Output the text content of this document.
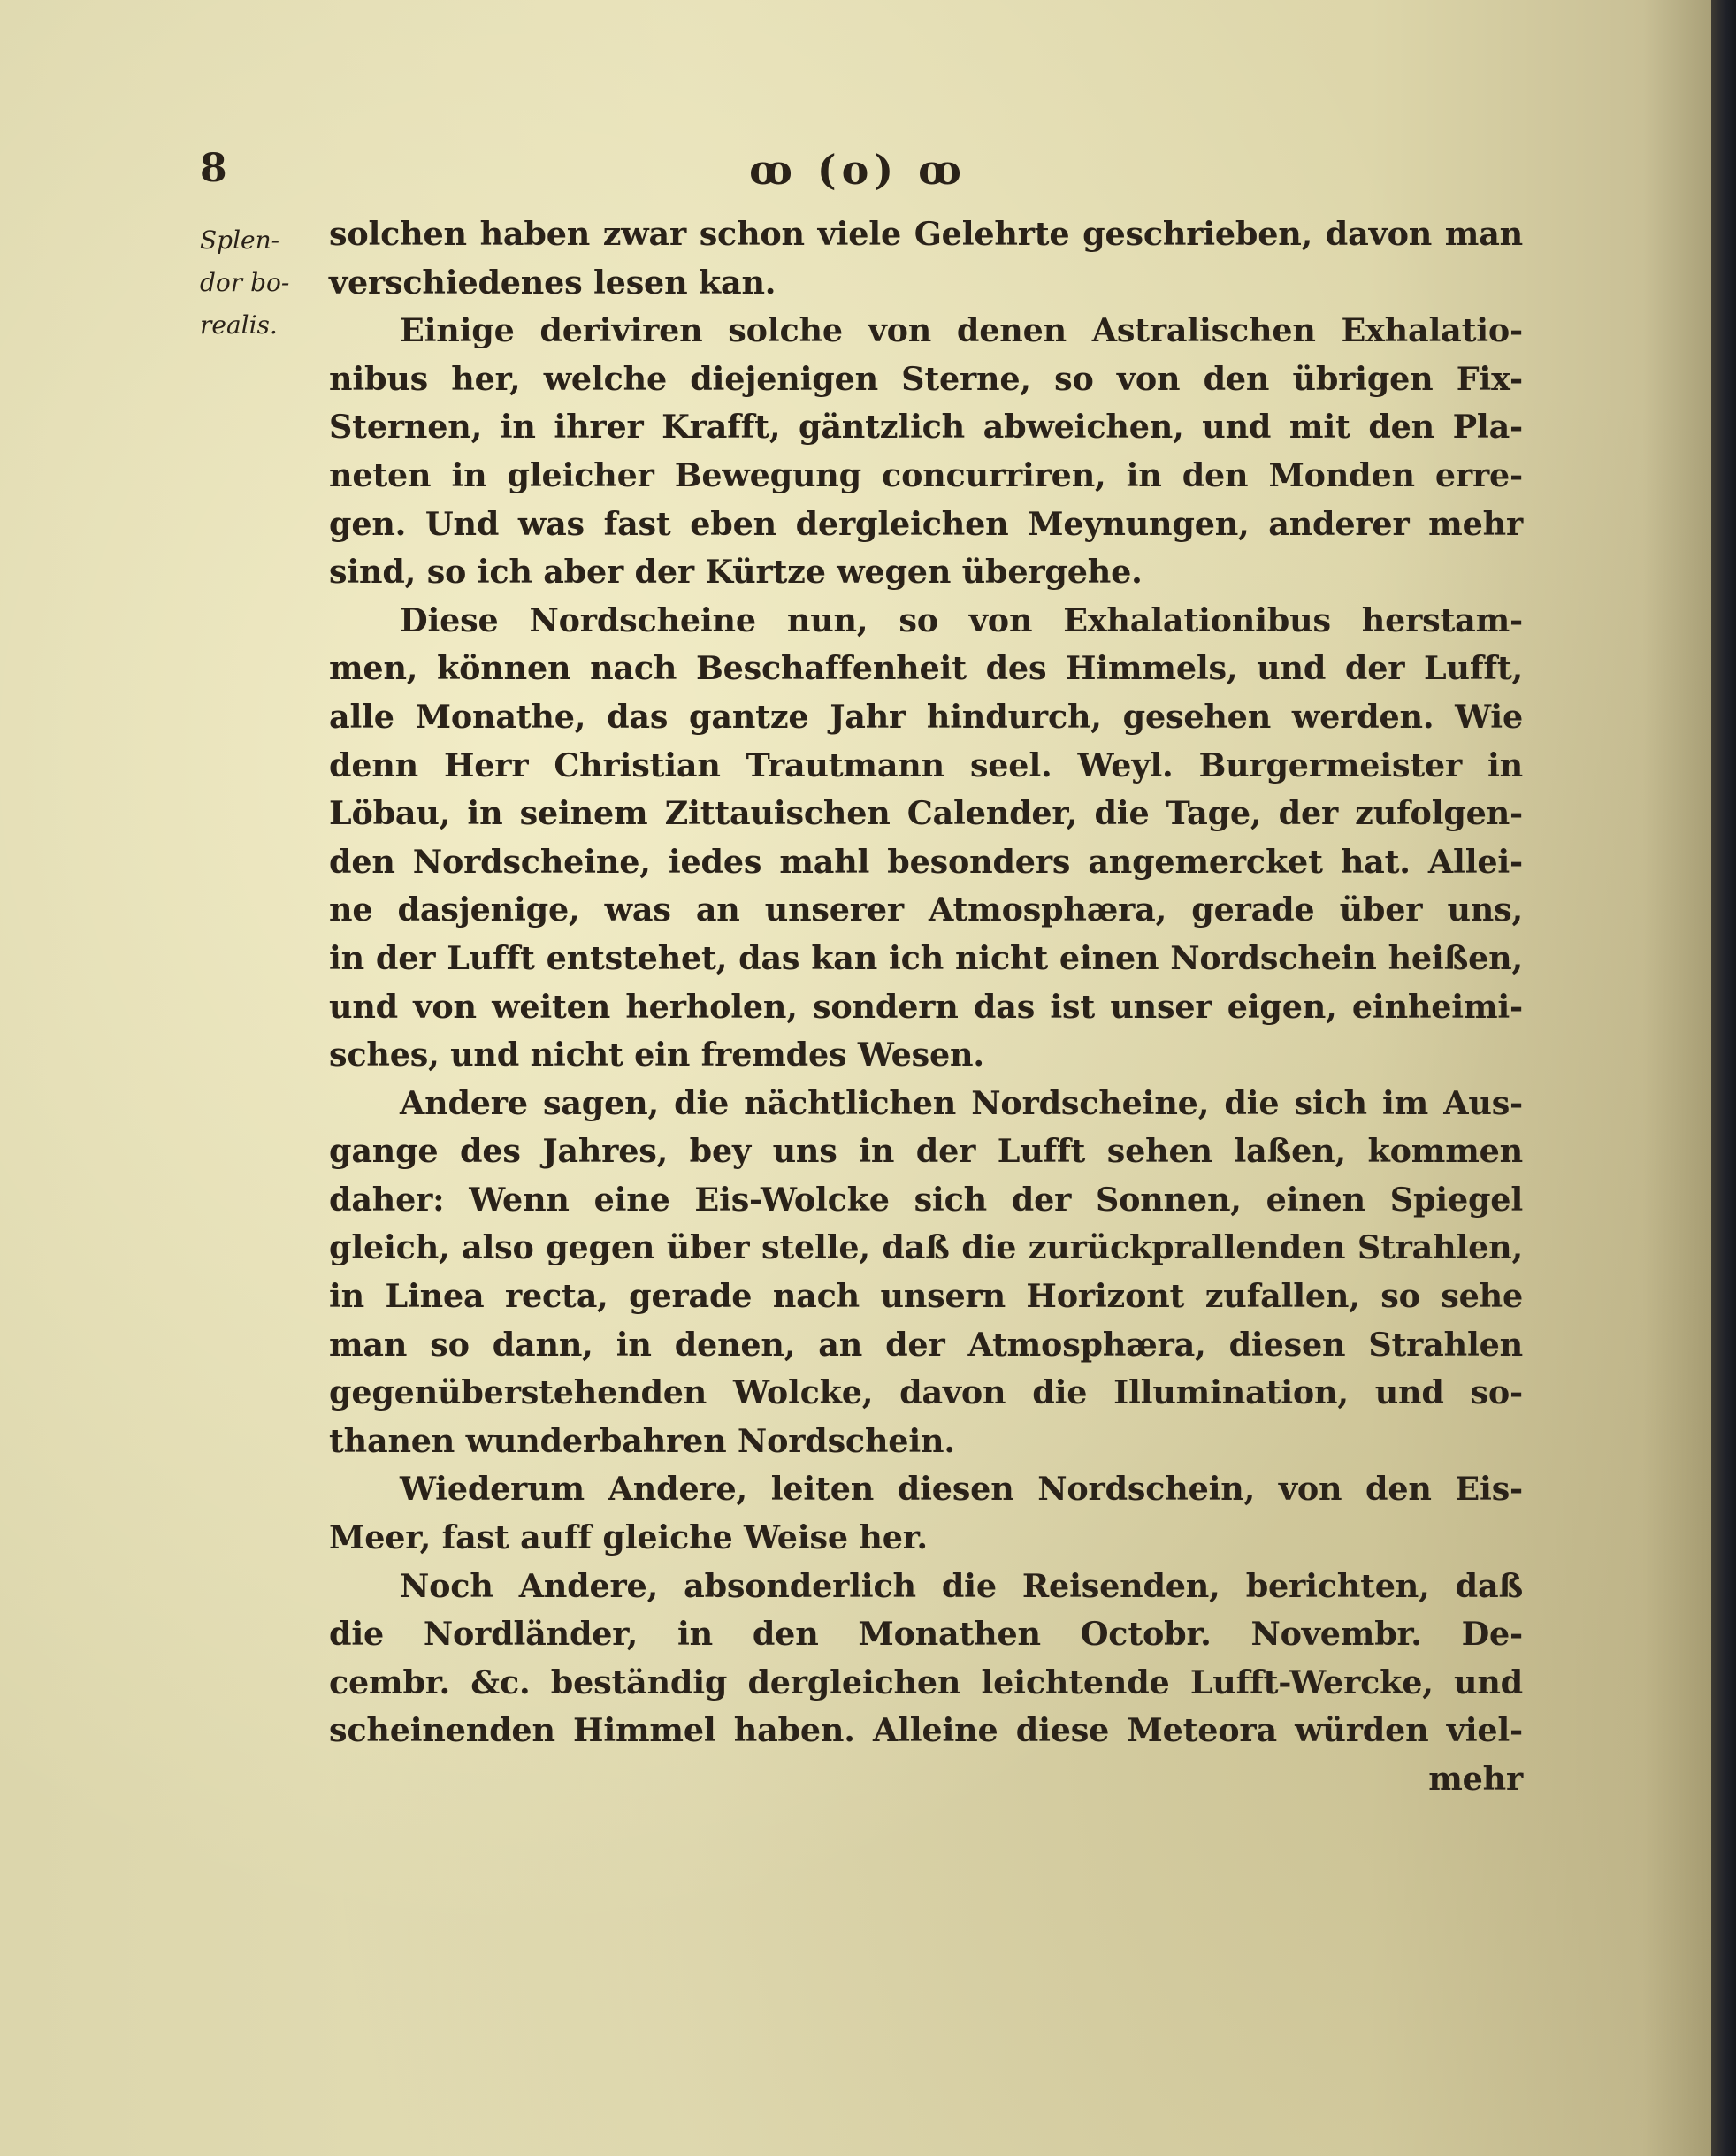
8	ꝏ (o) ꝏ
Splen-
dor bo-
realis.
solchen haben zwar schon viele Gelehrte geschrieben, davon man
verschiedenes lesen kan.
Einige deriviren solche von denen Astralischen Exhalatio-
nibus her, welche diejenigen Sterne, so von den übrigen Fix-
Sternen, in ihrer Krafft, gäntzlich abweichen, und mit den Pla-
neten in gleicher Bewegung concurriren, in den Monden erre-
gen. Und was fast eben dergleichen Meynungen, anderer mehr
sind, so ich aber der Kürtze wegen übergehe.
Diese Nordscheine nun, so von Exhalationibus herstam-
men, können nach Beschaffenheit des Himmels, und der Lufft,
alle Monathe, das gantze Jahr hindurch, gesehen werden. Wie
denn Herr Christian Trautmann seel. Weyl. Burgermeister in
Löbau, in seinem Zittauischen Calender, die Tage, der zufolgen-
den Nordscheine, iedes mahl besonders angemercket hat. Allei-
ne dasjenige, was an unserer Atmosphæra, gerade über uns,
in der Lufft entstehet, das kan ich nicht einen Nordschein heißen,
und von weiten herholen, sondern das ist unser eigen, einheimi-
sches, und nicht ein fremdes Wesen.
Andere sagen, die nächtlichen Nordscheine, die sich im Aus-
gange des Jahres, bey uns in der Lufft sehen laßen, kommen
daher: Wenn eine Eis-Wolcke sich der Sonnen, einen Spiegel
gleich, also gegen über stelle, daß die zurückprallenden Strahlen,
in Linea recta, gerade nach unsern Horizont zufallen, so sehe
man so dann, in denen, an der Atmosphæra, diesen Strahlen
gegenüberstehenden Wolcke, davon die Illumination, und so-
thanen wunderbahren Nordschein.
Wiederum Andere, leiten diesen Nordschein, von den Eis-
Meer, fast auff gleiche Weise her.
Noch Andere, absonderlich die Reisenden, berichten, daß
die Nordländer, in den Monathen Octobr. Novembr. De-
cembr. &c. beständig dergleichen leichtende Lufft-Wercke, und
scheinenden Himmel haben. Alleine diese Meteora würden viel-
mehr
